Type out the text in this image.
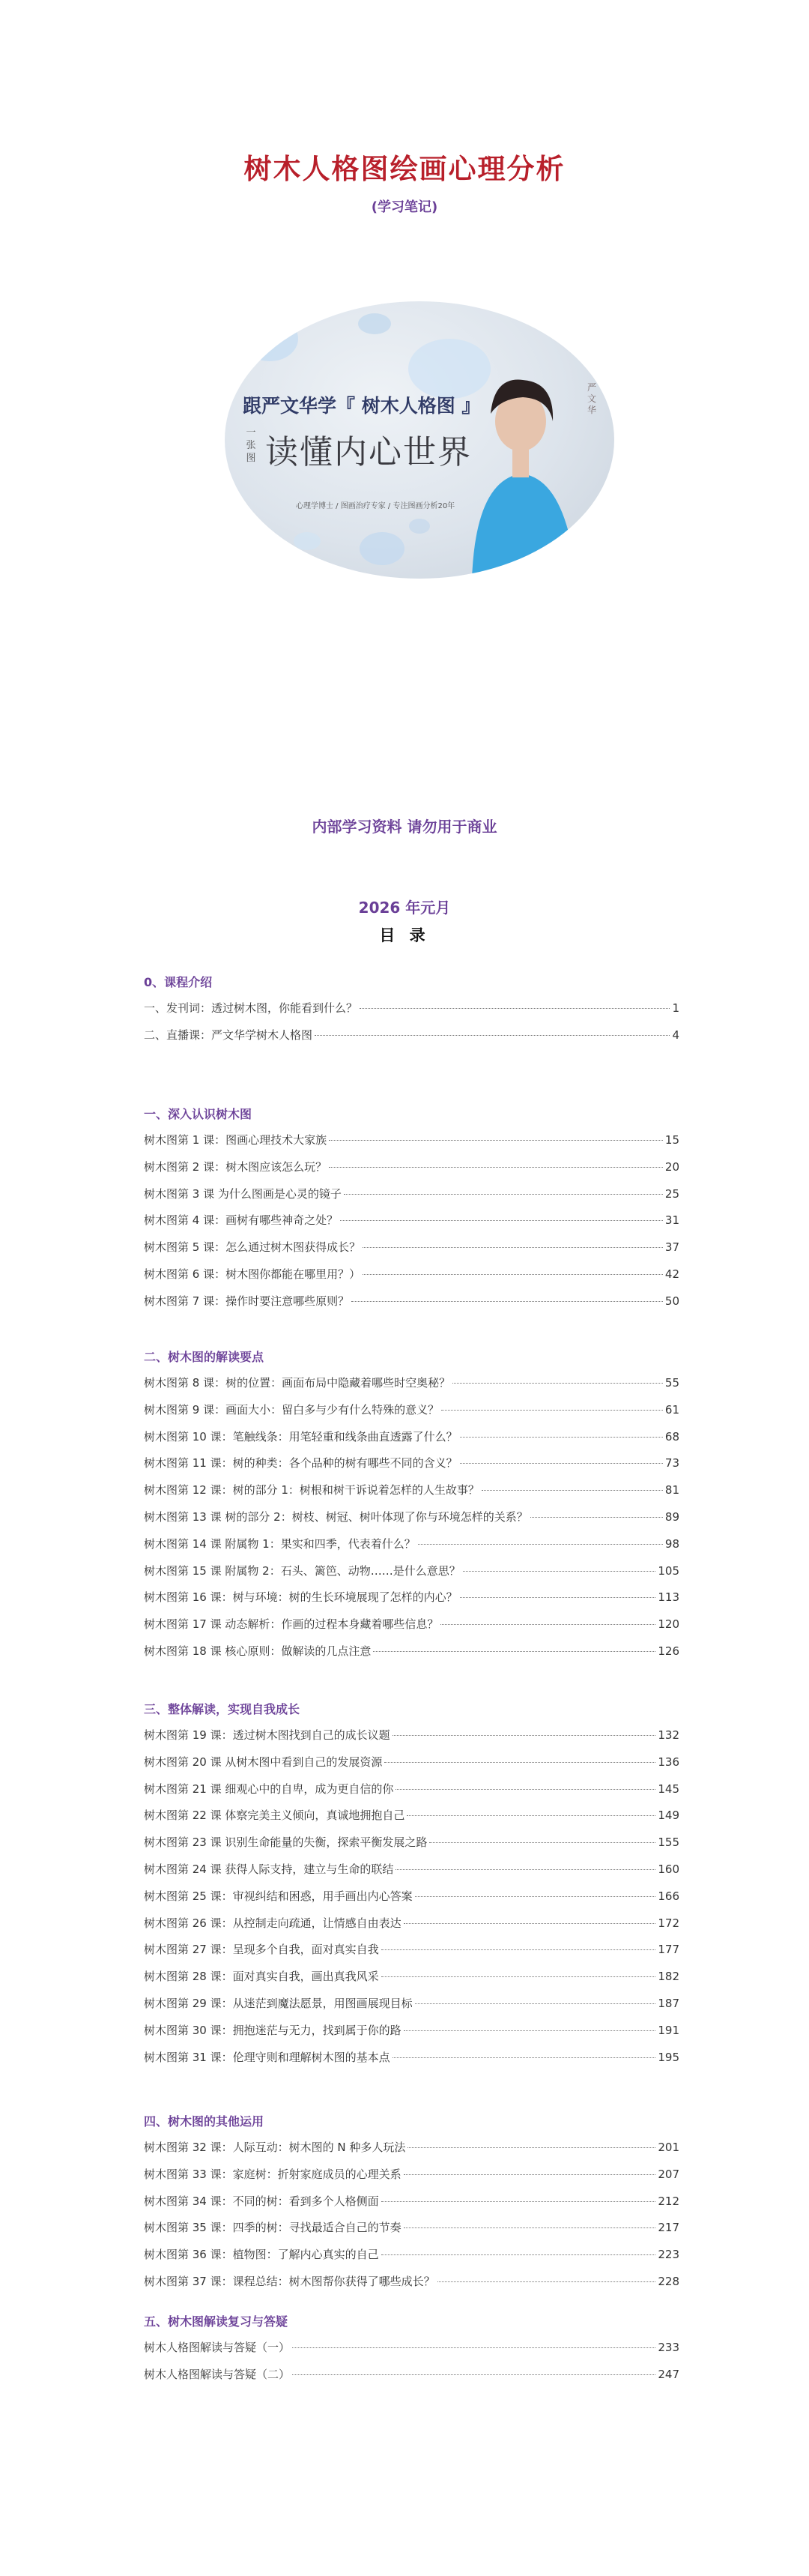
树木人格图绘画心理分析
(学习笔记)
跟严文华学『 树木人格图 』
一张图 读懂内心世界
心理学博士 / 图画治疗专家 / 专注图画分析20年
严文华
内部学习资料 请勿用于商业
2026 年元月
目 录
0、课程介绍
一、发刊词：透过树木图，你能看到什么？	1
二、直播课：严文华学树木人格图	4
一、深入认识树木图
树木图第 1 课：图画心理技术大家族	15
树木图第 2 课：树木图应该怎么玩？	20
树木图第 3 课 为什么图画是心灵的镜子	25
树木图第 4 课：画树有哪些神奇之处？	31
树木图第 5 课：怎么通过树木图获得成长？	37
树木图第 6 课：树木图你都能在哪里用？）	42
树木图第 7 课：操作时要注意哪些原则？	50
二、树木图的解读要点
树木图第 8 课：树的位置：画面布局中隐藏着哪些时空奥秘？	55
树木图第 9 课：画面大小：留白多与少有什么特殊的意义？	61
树木图第 10 课：笔触线条：用笔轻重和线条曲直透露了什么？	68
树木图第 11 课：树的种类：各个品种的树有哪些不同的含义？	73
树木图第 12 课：树的部分 1：树根和树干诉说着怎样的人生故事？	81
树木图第 13 课 树的部分 2：树枝、树冠、树叶体现了你与环境怎样的关系？	89
树木图第 14 课 附属物 1：果实和四季，代表着什么？	98
树木图第 15 课 附属物 2：石头、篱笆、动物……是什么意思？	105
树木图第 16 课：树与环境：树的生长环境展现了怎样的内心？	113
树木图第 17 课 动态解析：作画的过程本身藏着哪些信息？	120
树木图第 18 课 核心原则：做解读的几点注意	126
三、整体解读，实现自我成长
树木图第 19 课：透过树木图找到自己的成长议题	132
树木图第 20 课 从树木图中看到自己的发展资源	136
树木图第 21 课 细观心中的自卑，成为更自信的你	145
树木图第 22 课 体察完美主义倾向，真诚地拥抱自己	149
树木图第 23 课 识别生命能量的失衡，探索平衡发展之路	155
树木图第 24 课 获得人际支持，建立与生命的联结	160
树木图第 25 课：审视纠结和困惑，用手画出内心答案	166
树木图第 26 课：从控制走向疏通，让情感自由表达	172
树木图第 27 课：呈现多个自我，面对真实自我	177
树木图第 28 课：面对真实自我，画出真我风采	182
树木图第 29 课：从迷茫到魔法愿景，用图画展现目标	187
树木图第 30 课：拥抱迷茫与无力，找到属于你的路	191
树木图第 31 课：伦理守则和理解树木图的基本点	195
四、树木图的其他运用
树木图第 32 课：人际互动：树木图的 N 种多人玩法	201
树木图第 33 课：家庭树：折射家庭成员的心理关系	207
树木图第 34 课：不同的树：看到多个人格侧面	212
树木图第 35 课：四季的树：寻找最适合自己的节奏	217
树木图第 36 课：植物图：了解内心真实的自己	223
树木图第 37 课：课程总结：树木图帮你获得了哪些成长？	228
五、树木图解读复习与答疑
树木人格图解读与答疑（一）	233
树木人格图解读与答疑（二）	247
